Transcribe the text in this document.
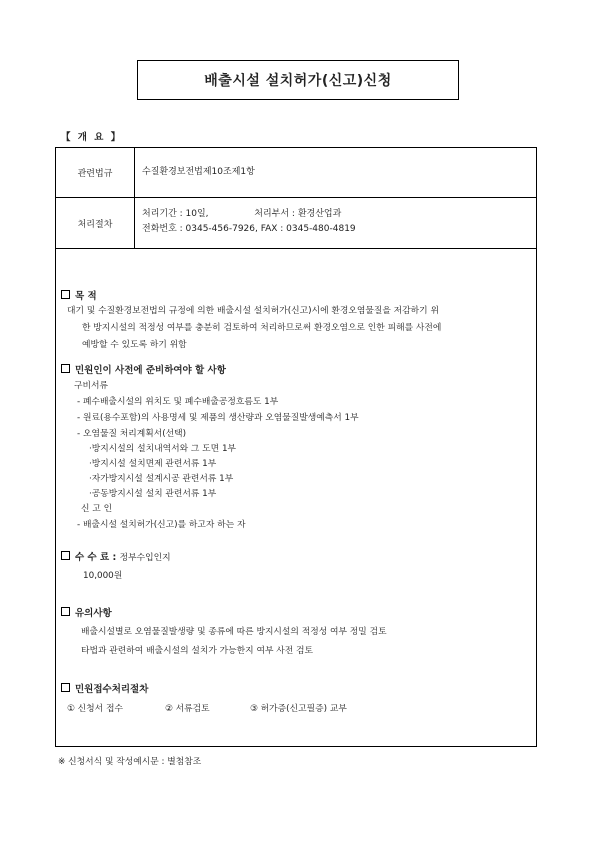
배출시설 설치허가(신고)신청
【 개 요 】
관련법규	수질환경보전법제10조제1항
처리절차
처리기간 : 10일,	처리부서 : 환경산업과
전화번호 : 0345-456-7926, FAX : 0345-480-4819
목 적
대기 및 수질환경보전법의 규정에 의한 배출시설 설치허가(신고)시에 환경오염물질을 저감하기 위
한 방지시설의 적정성 여부를 충분히 검토하여 처리하므로써 환경오염으로 인한 피해를 사전에
예방할 수 있도록 하기 위함
민원인이 사전에 준비하여야 할 사항
구비서류
- 폐수배출시설의 위치도 및 폐수배출공정흐름도 1부
- 원료(용수포함)의 사용명세 및 제품의 생산량과 오염물질발생예측서 1부
- 오염물질 처리계획서(선택)
·방지시설의 설치내역서와 그 도면 1부
·방지시설 설치면제 관련서류 1부
·자가방지시설 설계시공 관련서류 1부
·공동방지시설 설치 관련서류 1부
신 고 인
- 배출시설 설치허가(신고)를 하고자 하는 자
수 수 료 : 정부수입인지
10,000원
유의사항
배출시설별로 오염물질발생량 및 종류에 따른 방지시설의 적정성 여부 정밀 검토
타법과 관련하여 배출시설의 설치가 가능한지 여부 사전 검토
민원접수처리절차
① 신청서 접수	② 서류검토	③ 허가증(신고필증) 교부
※ 신청서식 및 작성예시문 : 별첨참조
